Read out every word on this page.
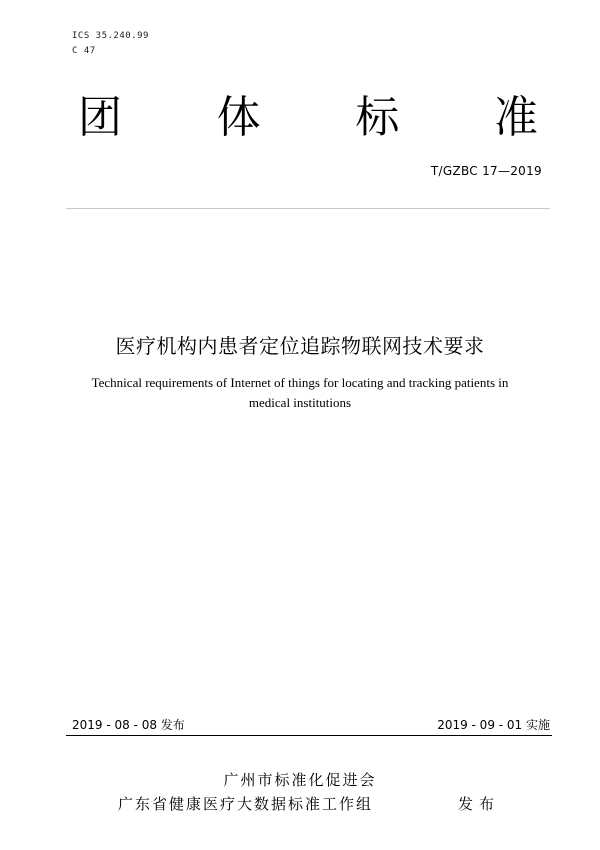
ICS 35.240.99
C 47
团 体 标 准
T/GZBC 17—2019
医疗机构内患者定位追踪物联网技术要求
Technical requirements of Internet of things for locating and tracking patients in
medical institutions
2019 - 08 - 08 发布	2019 - 09 - 01 实施
广州市标准化促进会
广东省健康医疗大数据标准工作组	发布
